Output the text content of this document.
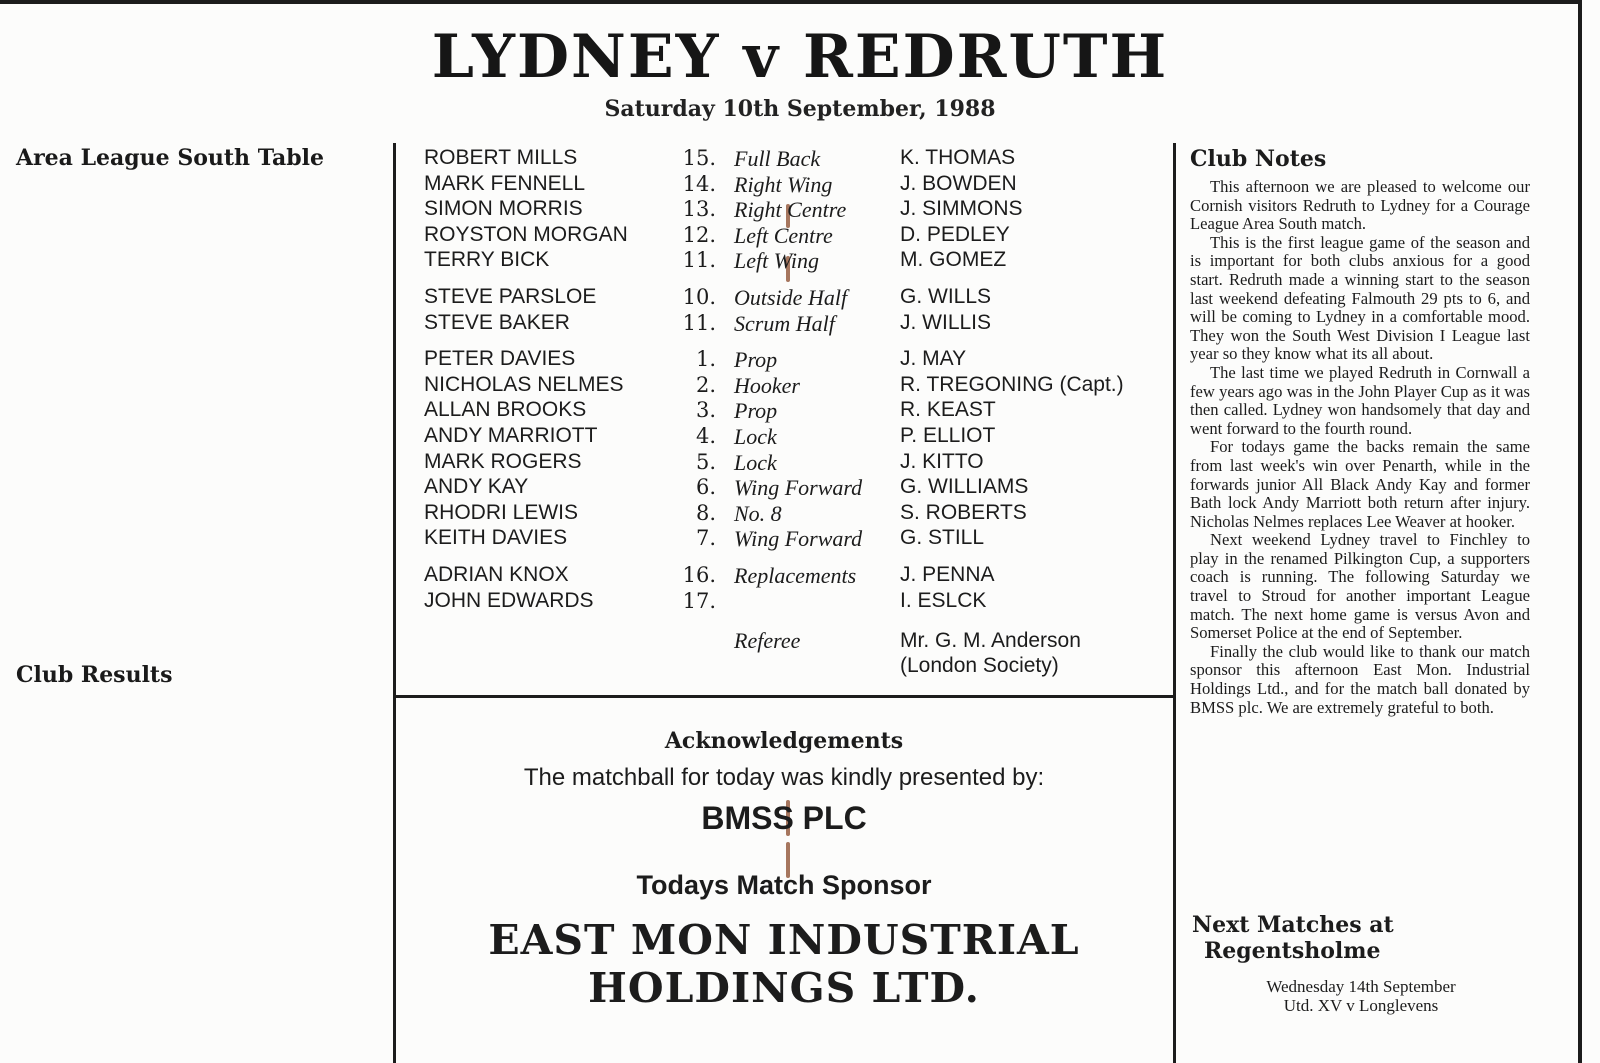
LYDNEY v REDRUTH
Saturday 10th September, 1988
Area League South Table
Club Results
ROBERT MILLS	15. Full Back	K. THOMAS
MARK FENNELL	14. Right Wing	J. BOWDEN
SIMON MORRIS	13. Right Centre	J. SIMMONS
ROYSTON MORGAN	12. Left Centre	D. PEDLEY
TERRY BICK	11. Left Wing	M. GOMEZ
STEVE PARSLOE	10. Outside Half	G. WILLS
STEVE BAKER	11. Scrum Half	J. WILLIS
PETER DAVIES	1. Prop	J. MAY
NICHOLAS NELMES	2. Hooker	R. TREGONING (Capt.)
ALLAN BROOKS	3. Prop	R. KEAST
ANDY MARRIOTT	4. Lock	P. ELLIOT
MARK ROGERS	5. Lock	J. KITTO
ANDY KAY	6. Wing Forward G. WILLIAMS
RHODRI LEWIS	8. No. 8	S. ROBERTS
KEITH DAVIES	7. Wing Forward G. STILL
ADRIAN KNOX	16. Replacements J. PENNA
JOHN EDWARDS	17.	I. ESLCK
Referee	Mr. G. M. Anderson
(London Society)
Acknowledgements
The matchball for today was kindly presented by:
BMSS PLC
Todays Match Sponsor
EAST MON INDUSTRIAL
HOLDINGS LTD.
Club Notes

This afternoon we are pleased to welcome our Cornish visitors Redruth to Lydney for a Courage League Area South match.

This is the first league game of the season and is important for both clubs anxious for a good start. Redruth made a winning start to the season last weekend defeating Falmouth 29 pts to 6, and will be coming to Lydney in a comfortable mood. They won the South West Division I League last year so they know what its all about.

The last time we played Redruth in Cornwall a few years ago was in the John Player Cup as it was then called. Lydney won handsomely that day and went forward to the fourth round.

For todays game the backs remain the same from last week's win over Penarth, while in the forwards junior All Black Andy Kay and former Bath lock Andy Marriott both return after injury. Nicholas Nelmes replaces Lee Weaver at hooker.

Next weekend Lydney travel to Finchley to play in the renamed Pilkington Cup, a supporters coach is running. The following Saturday we travel to Stroud for another important League match. The next home game is versus Avon and Somerset Police at the end of September.

Finally the club would like to thank our match sponsor this afternoon East Mon. Industrial Holdings Ltd., and for the match ball donated by BMSS plc. We are extremely grateful to both.

Next Matches at
Regentsholme
Wednesday 14th September
Utd. XV v Longlevens
